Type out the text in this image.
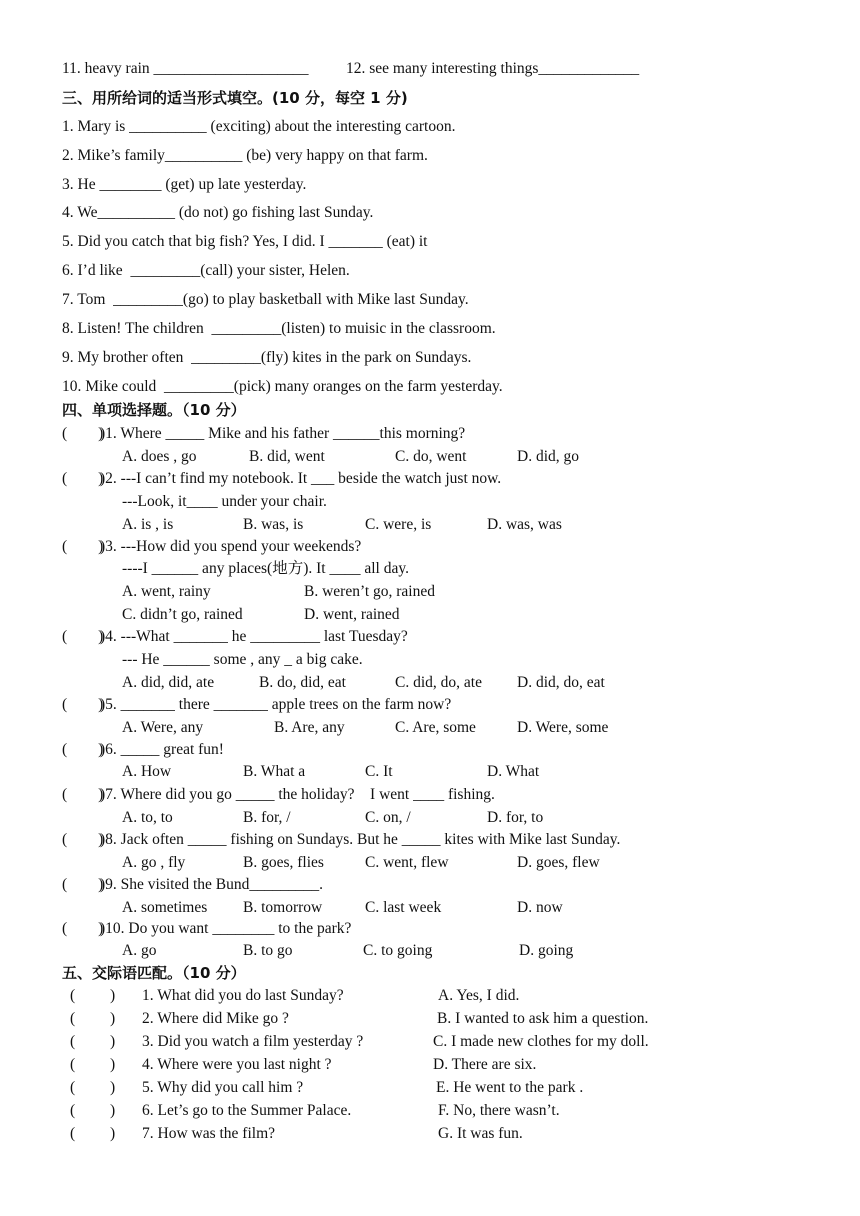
11. heavy rain ____________________ 12. see many interesting things_____________
三、用所给词的适当形式填空。(10 分，每空 1 分)
1. Mary is __________ (exciting) about the interesting cartoon.
2. Mike’s family__________ (be) very happy on that farm.
3. He ________ (get) up late yesterday.
4. We__________ (do not) go fishing last Sunday.
5. Did you catch that big fish? Yes, I did. I _______ (eat) it
6. I’d like  _________(call) your sister, Helen.
7. Tom  _________(go) to play basketball with Mike last Sunday.
8. Listen! The children  _________(listen) to muisic in the classroom.
9. My brother often  _________(fly) kites in the park on Sundays.
10. Mike could  _________(pick) many oranges on the farm yesterday.
四、单项选择题。（10 分）
(        )
)1. Where _____ Mike and his father ______this morning?
A. does , go	B. did, went	C. do, went	D. did, go
(        )
)2. ---I can’t find my notebook. It ___ beside the watch just now.
---Look, it____ under your chair.
A. is , is	B. was, is	C. were, is	D. was, was
(        )
)3. ---How did you spend your weekends?
----I ______ any places(地方). It ____ all day.
A. went, rainy	B. weren’t go, rained
C. didn’t go, rained	D. went, rained
(        )
)4. ---What _______ he _________ last Tuesday?
--- He ______ some , any _ a big cake.
A. did, did, ate	B. do, did, eat	C. did, do, ate D. did, do, eat
(        )
)5. _______ there _______ apple trees on the farm now?
A. Were, any	B. Are, any	C. Are, some	D. Were, some
(        )
)6. _____ great fun!
A. How	B. What a	C. It	D. What
(        )
)7. Where did you go _____ the holiday?    I went ____ fishing.
A. to, to	B. for, /	C. on, /	D. for, to
(        )
)8. Jack often _____ fishing on Sundays. But he _____ kites with Mike last Sunday.
A. go , fly	B. goes, flies	C. went, flew	D. goes, flew
(        )
)9. She visited the Bund_________.
A. sometimes B. tomorrow	C. last week	D. now
(        )
)10. Do you want ________ to the park?
A. go	B. to go	C. to going	D. going
五、交际语匹配。（10 分）
(         ) 1. What did you do last Sunday?	A. Yes, I did.
(         ) 2. Where did Mike go ?	B. I wanted to ask him a question.
(         ) 3. Did you watch a film yesterday ?	C. I made new clothes for my doll.
(         ) 4. Where were you last night ?	D. There are six.
(         ) 5. Why did you call him ?	E. He went to the park .
(         ) 6. Let’s go to the Summer Palace.	F. No, there wasn’t.
(         ) 7. How was the film?	G. It was fun.
